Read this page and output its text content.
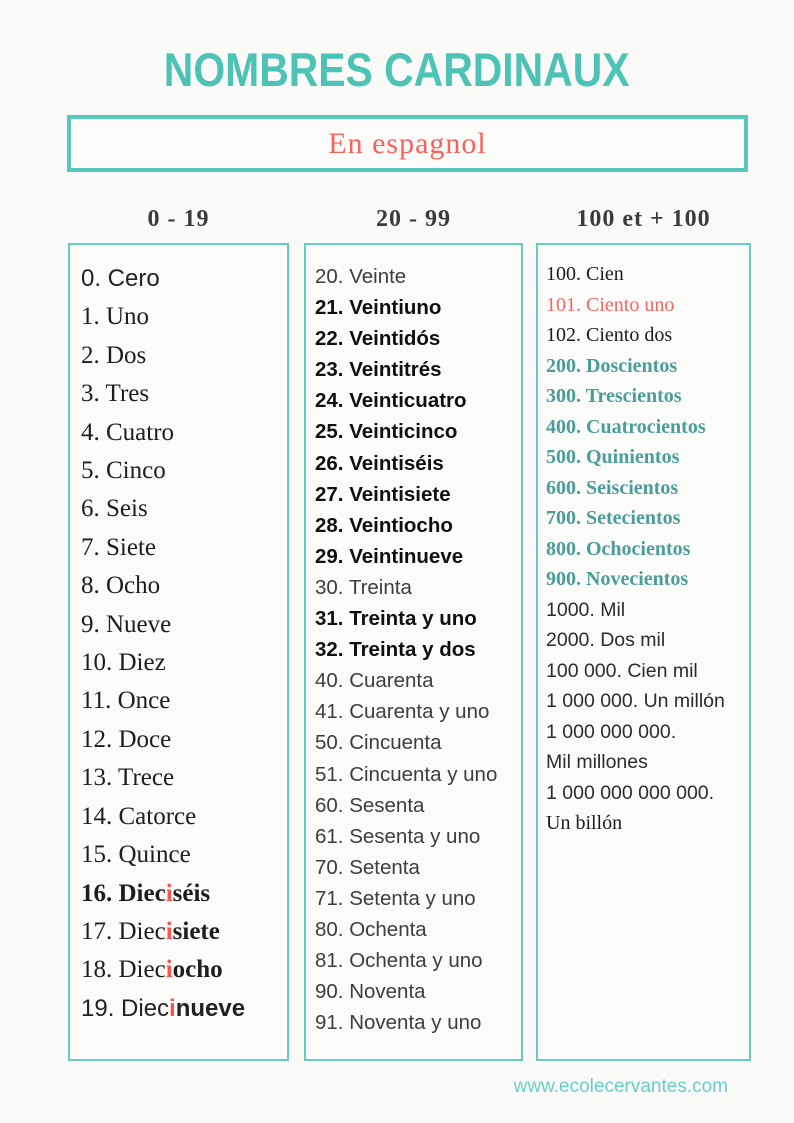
NOMBRES CARDINAUX
En espagnol
0 - 19	20 - 99	100 et + 100
0. Cero
1. Uno
2. Dos
3. Tres
4. Cuatro
5. Cinco
6. Seis
7. Siete
8. Ocho
9. Nueve
10. Diez
11. Once
12. Doce
13. Trece
14. Catorce
15. Quince
16. Dieciséis
17. Diecisiete
18. Dieciocho
19. Diecinueve
20. Veinte
21. Veintiuno
22. Veintidós
23. Veintitrés
24. Veinticuatro
25. Veinticinco
26. Veintiséis
27. Veintisiete
28. Veintiocho
29. Veintinueve
30. Treinta
31. Treinta y uno
32. Treinta y dos
40. Cuarenta
41. Cuarenta y uno
50. Cincuenta
51. Cincuenta y uno
60. Sesenta
61. Sesenta y uno
70. Setenta
71. Setenta y uno
80. Ochenta
81. Ochenta y uno
90. Noventa
91. Noventa y uno
100. Cien
101. Ciento uno
102. Ciento dos
200. Doscientos
300. Trescientos
400. Cuatrocientos
500. Quinientos
600. Seiscientos
700. Setecientos
800. Ochocientos
900. Novecientos
1000. Mil
2000. Dos mil
100 000. Cien mil
1 000 000. Un millón
1 000 000 000.
Mil millones
1 000 000 000 000.
Un billón
www.ecolecervantes.com
